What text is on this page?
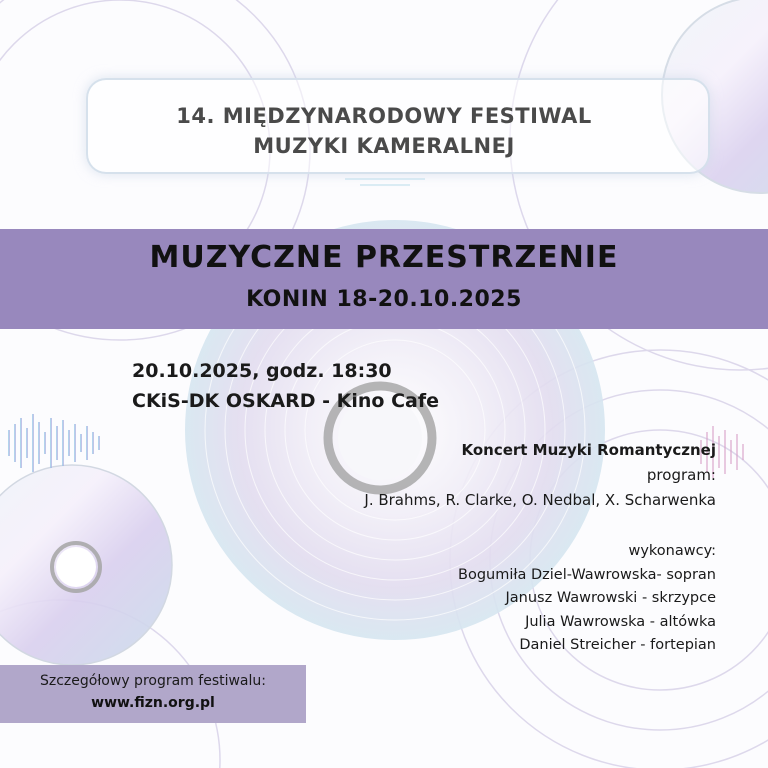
14. MIĘDZYNARODOWY FESTIWAL
MUZYKI KAMERALNEJ
MUZYCZNE PRZESTRZENIE
KONIN 18-20.10.2025
20.10.2025, godz. 18:30
CKiS-DK OSKARD - Kino Cafe
Koncert Muzyki Romantycznej
program:
J. Brahms, R. Clarke, O. Nedbal, X. Scharwenka
wykonawcy:
Bogumiła Dziel-Wawrowska- sopran
Janusz Wawrowski - skrzypce
Julia Wawrowska - altówka
Daniel Streicher - fortepian
Szczegółowy program festiwalu:
www.fizn.org.pl
